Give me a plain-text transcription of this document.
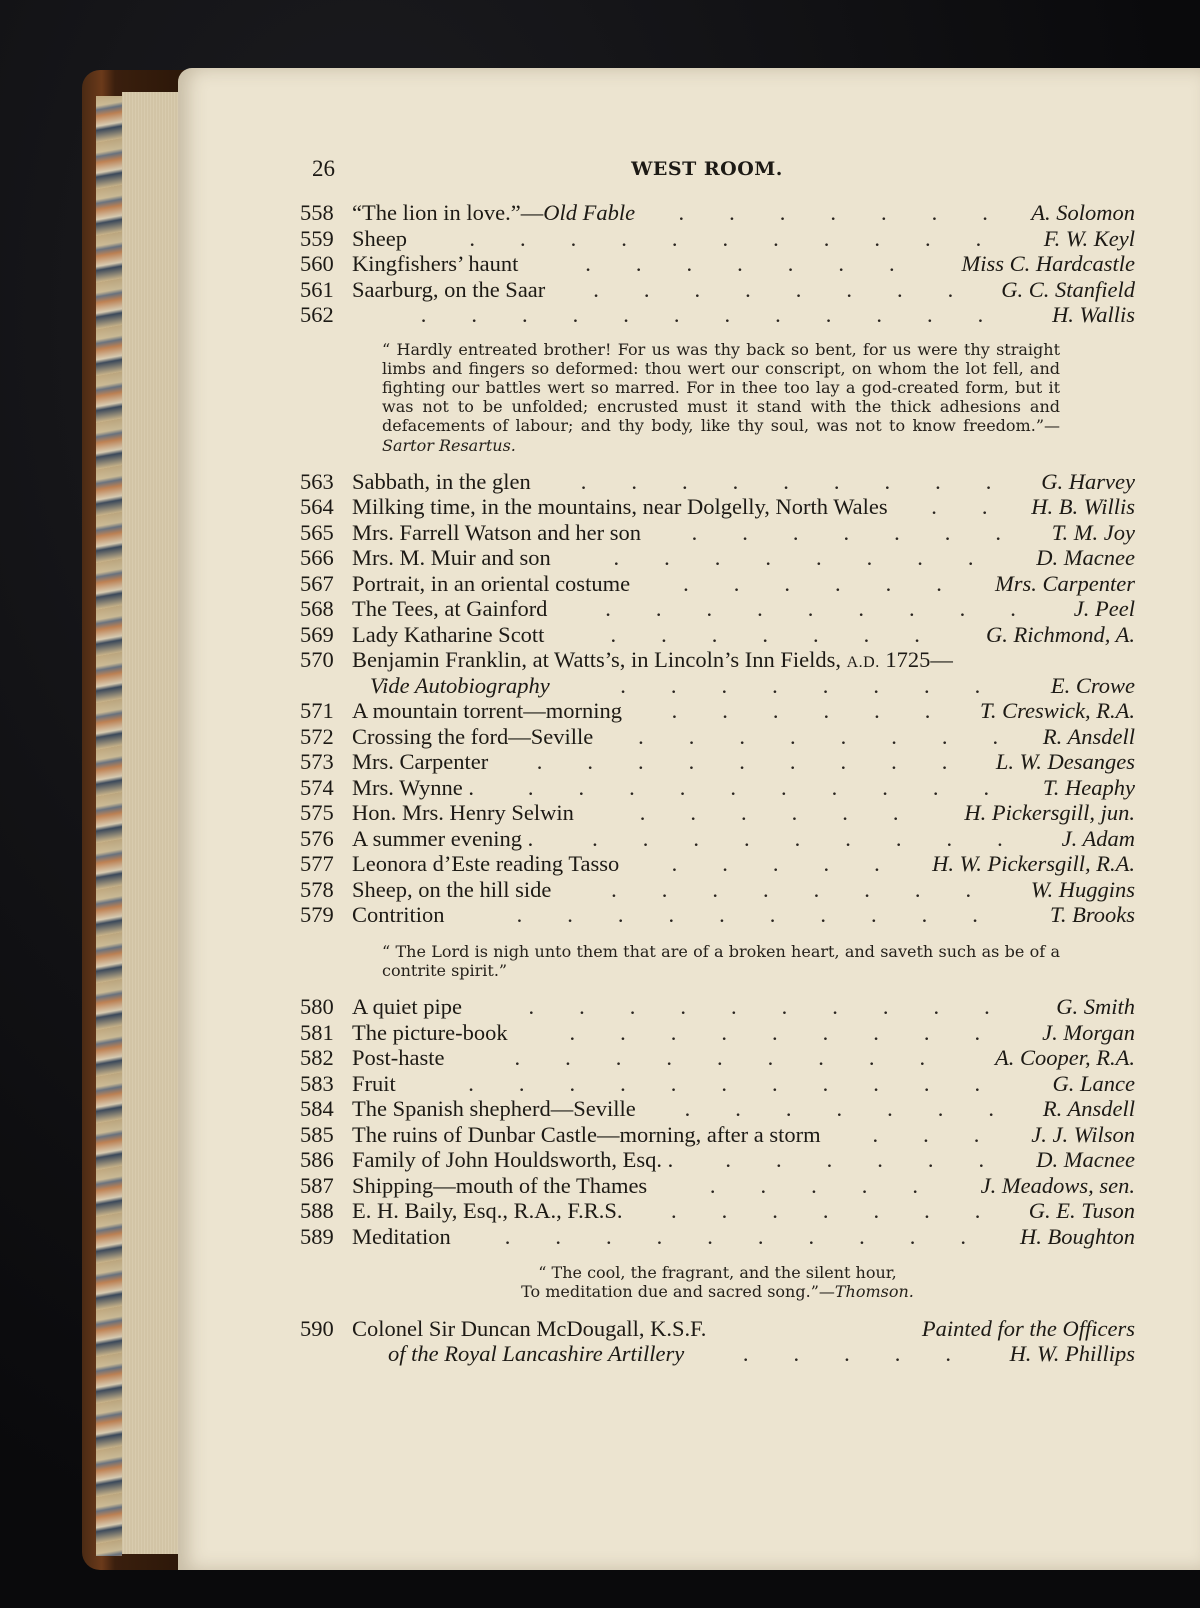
26	WEST ROOM.
558 “The lion in love.”— Old Fable	.  .  .  .  .  .  .	A. Solomon
559 Sheep	.  .  .  .  .  .  .  .  .  .  .	F. W. Keyl
560 Kingfishers’ haunt	.  .  .  .  .  .  .	Miss C. Hardcastle
561 Saarburg, on the Saar	.  .  .  .  .  .  .  .	G. C. Stanfield
562	.  .  .  .  .  .  .  .  .  .  .  .	H. Wallis
“ Hardly entreated brother! For us was thy back so bent, for us were thy straight limbs and fingers so deformed: thou wert our conscript, on whom the lot fell, and fighting our battles wert so marred. For in thee too lay a god-created form, but it was not to be unfolded; encrusted must it stand with the thick adhesions and defacements of labour; and thy body, like thy soul, was not to know freedom.”—Sartor Resartus.
563 Sabbath, in the glen	.  .  .  .  .  .  .  .  .	G. Harvey
564 Milking time, in the mountains, near Dolgelly, North Wales	.  .	H. B. Willis
565 Mrs. Farrell Watson and her son	.  .  .  .  .  .  .	T. M. Joy
566 Mrs. M. Muir and son	.  .  .  .  .  .  .  .	D. Macnee
567 Portrait, in an oriental costume	.  .  .  .  .  .	Mrs. Carpenter
568 The Tees, at Gainford	.  .  .  .  .  .  .  .  .	J. Peel
569 Lady Katharine Scott	.  .  .  .  .  .  .	G. Richmond, A.
570 Benjamin Franklin, at Watts’s, in Lincoln’s Inn Fields, A.D. 1725—
Vide Autobiography	.  .  .  .  .  .  .  .	E. Crowe
571 A mountain torrent—morning	.  .  .  .  .  .	T. Creswick, R.A.
572 Crossing the ford—Seville	.  .  .  .  .  .  .  .	R. Ansdell
573 Mrs. Carpenter	.  .  .  .  .  .  .  .  .	L. W. Desanges
574 Mrs. Wynne .	.  .  .  .  .  .  .  .  .  .	T. Heaphy
575 Hon. Mrs. Henry Selwin	.  .  .  .  .  .	H. Pickersgill, jun.
576 A summer evening .	.  .  .  .  .  .  .  .  .	J. Adam
577 Leonora d’Este reading Tasso	.  .  .  .  .	H. W. Pickersgill, R.A.
578 Sheep, on the hill side	.  .  .  .  .  .  .  .	W. Huggins
579 Contrition	.  .  .  .  .  .  .  .  .  .	T. Brooks
“ The Lord is nigh unto them that are of a broken heart, and saveth such as be of a contrite spirit.”
580 A quiet pipe	.  .  .  .  .  .  .  .  .  .	G. Smith
581 The picture-book	.  .  .  .  .  .  .  .  .	J. Morgan
582 Post-haste	.  .  .  .  .  .  .  .  .	A. Cooper, R.A.
583 Fruit	.  .  .  .  .  .  .  .  .  .  .	G. Lance
584 The Spanish shepherd—Seville	.  .  .  .  .  .  .	R. Ansdell
585 The ruins of Dunbar Castle—morning, after a storm	.  .  .	J. J. Wilson
586 Family of John Houldsworth, Esq. .	.  .  .  .  .  .	D. Macnee
587 Shipping—mouth of the Thames	.  .  .  .  .	J. Meadows, sen.
588 E. H. Baily, Esq., R.A., F.R.S.	.  .  .  .  .  .  .	G. E. Tuson
589 Meditation	.  .  .  .  .  .  .  .  .  .	H. Boughton
“ The cool, the fragrant, and the silent hour,
To meditation due and sacred song.”—Thomson.
590 Colonel Sir Duncan McDougall, K.S.F.	Painted for the Officers
of the Royal Lancashire Artillery	.  .  .  .  .	H. W. Phillips
